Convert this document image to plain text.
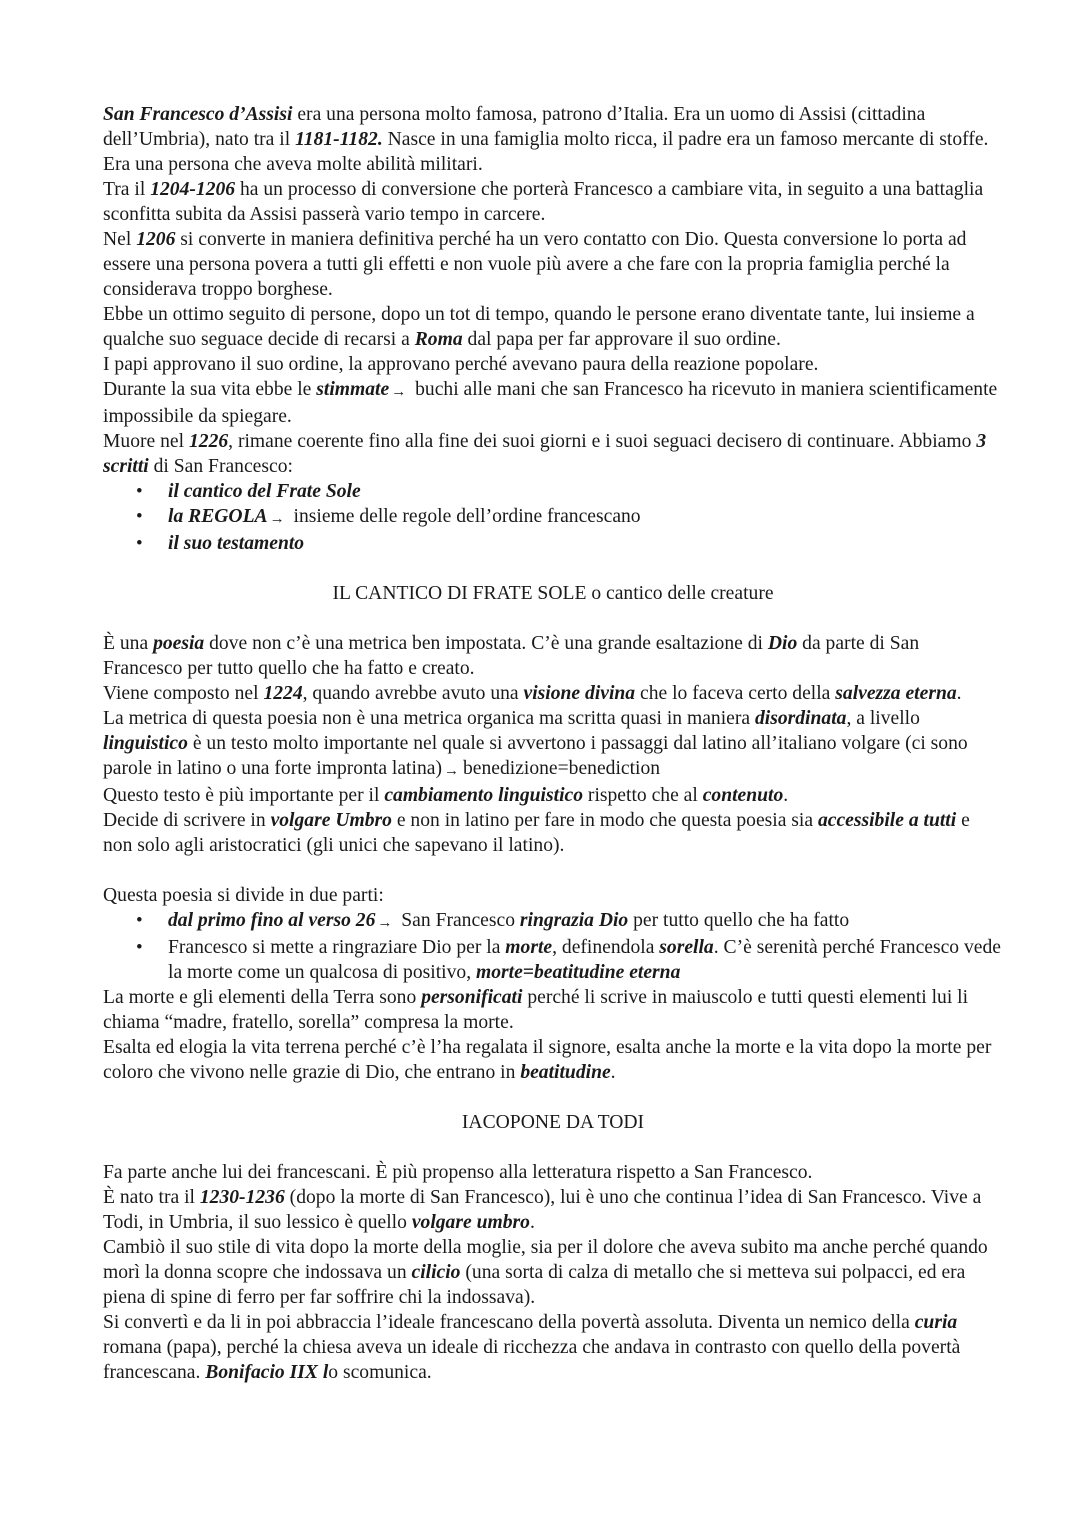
San Francesco d’Assisi era una persona molto famosa, patrono d’Italia. Era un uomo di Assisi (cittadina dell’Umbria), nato tra il 1181-1182. Nasce in una famiglia molto ricca, il padre era un famoso mercante di stoffe. Era una persona che aveva molte abilità militari.

Tra il 1204-1206 ha un processo di conversione che porterà Francesco a cambiare vita, in seguito a una battaglia sconfitta subita da Assisi passerà vario tempo in carcere.

Nel 1206 si converte in maniera definitiva perché ha un vero contatto con Dio. Questa conversione lo porta ad essere una persona povera a tutti gli effetti e non vuole più avere a che fare con la propria famiglia perché la considerava troppo borghese.

Ebbe un ottimo seguito di persone, dopo un tot di tempo, quando le persone erano diventate tante, lui insieme a qualche suo seguace decide di recarsi a Roma dal papa per far approvare il suo ordine.

I papi approvano il suo ordine, la approvano perché avevano paura della reazione popolare.

Durante la sua vita ebbe le stimmate → buchi alle mani che san Francesco ha ricevuto in maniera scientificamente impossibile da spiegare.

Muore nel 1226, rimane coerente fino alla fine dei suoi giorni e i suoi seguaci decisero di continuare. Abbiamo 3 scritti di San Francesco:

• il cantico del Frate Sole
• la REGOLA → insieme delle regole dell’ordine francescano
• il suo testamento

IL CANTICO DI FRATE SOLE o cantico delle creature

È una poesia dove non c’è una metrica ben impostata. C’è una grande esaltazione di Dio da parte di San Francesco per tutto quello che ha fatto e creato.

Viene composto nel 1224, quando avrebbe avuto una visione divina che lo faceva certo della salvezza eterna.

La metrica di questa poesia non è una metrica organica ma scritta quasi in maniera disordinata, a livello linguistico è un testo molto importante nel quale si avvertono i passaggi dal latino all’italiano volgare (ci sono parole in latino o una forte impronta latina) → benedizione=benediction

Questo testo è più importante per il cambiamento linguistico rispetto che al contenuto.

Decide di scrivere in volgare Umbro e non in latino per fare in modo che questa poesia sia accessibile a tutti e non solo agli aristocratici (gli unici che sapevano il latino).

Questa poesia si divide in due parti:

• dal primo fino al verso 26 → San Francesco ringrazia Dio per tutto quello che ha fatto
• Francesco si mette a ringraziare Dio per la morte, definendola sorella. C’è serenità perché Francesco vede la morte come un qualcosa di positivo, morte=beatitudine eterna

La morte e gli elementi della Terra sono personificati perché li scrive in maiuscolo e tutti questi elementi lui li chiama “madre, fratello, sorella” compresa la morte.

Esalta ed elogia la vita terrena perché c’è l’ha regalata il signore, esalta anche la morte e la vita dopo la morte per coloro che vivono nelle grazie di Dio, che entrano in beatitudine.

IACOPONE DA TODI

Fa parte anche lui dei francescani. È più propenso alla letteratura rispetto a San Francesco.

È nato tra il 1230-1236 (dopo la morte di San Francesco), lui è uno che continua l’idea di San Francesco. Vive a Todi, in Umbria, il suo lessico è quello volgare umbro.

Cambiò il suo stile di vita dopo la morte della moglie, sia per il dolore che aveva subito ma anche perché quando morì la donna scopre che indossava un cilicio (una sorta di calza di metallo che si metteva sui polpacci, ed era piena di spine di ferro per far soffrire chi la indossava).

Si convertì e da li in poi abbraccia l’ideale francescano della povertà assoluta. Diventa un nemico della curia romana (papa), perché la chiesa aveva un ideale di ricchezza che andava in contrasto con quello della povertà francescana. Bonifacio IIX lo scomunica.
